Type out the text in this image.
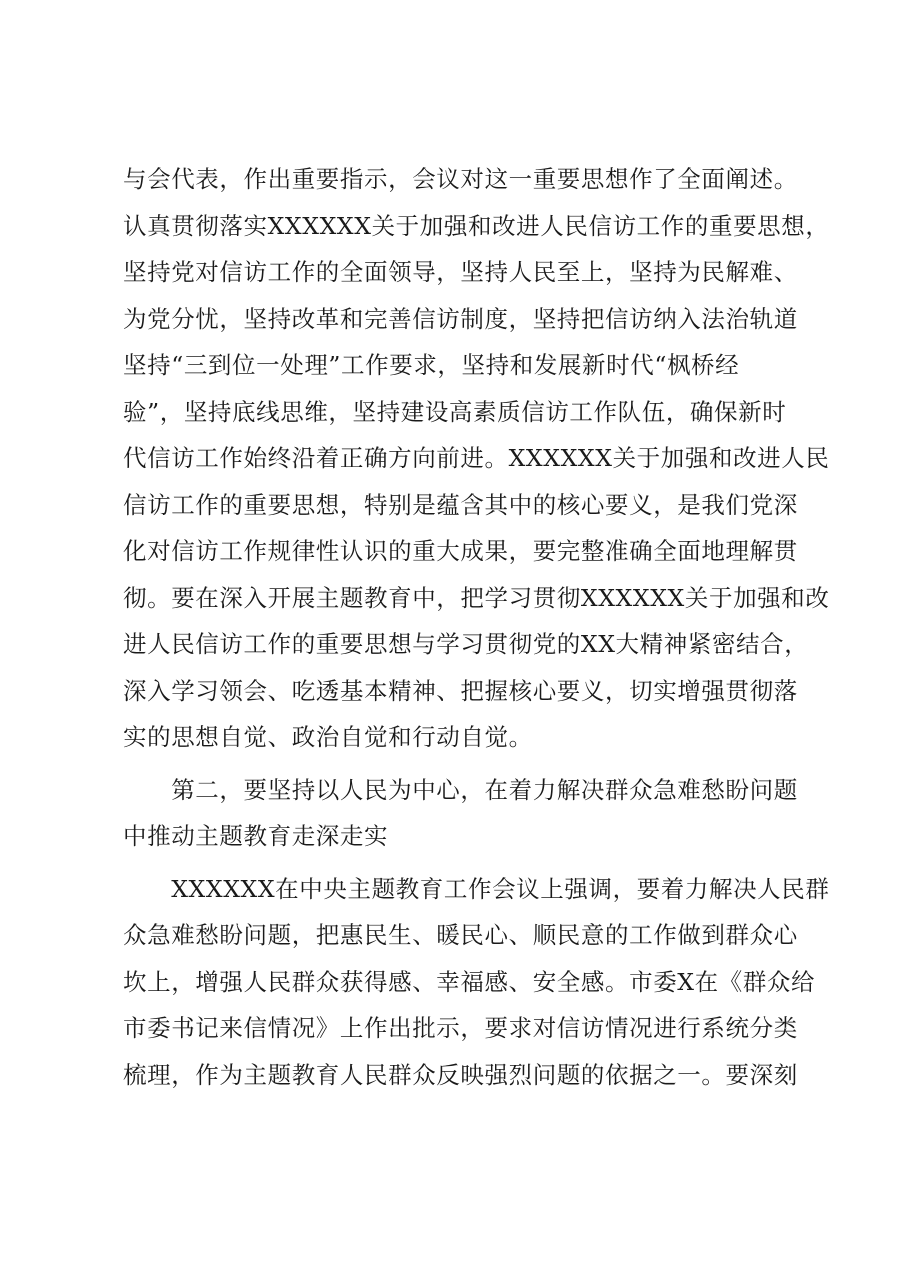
与会代表，作出重要指示，会议对这一重要思想作了全面阐述。
认真贯彻落实XXXXXX关于加强和改进人民信访工作的重要思想，
坚持党对信访工作的全面领导，坚持人民至上，坚持为民解难、
为党分忧，坚持改革和完善信访制度，坚持把信访纳入法治轨道
坚持“三到位一处理”工作要求，坚持和发展新时代“枫桥经
验”，坚持底线思维，坚持建设高素质信访工作队伍，确保新时
代信访工作始终沿着正确方向前进。XXXXXX关于加强和改进人民
信访工作的重要思想，特别是蕴含其中的核心要义，是我们党深
化对信访工作规律性认识的重大成果，要完整准确全面地理解贯
彻。要在深入开展主题教育中，把学习贯彻XXXXXX关于加强和改
进人民信访工作的重要思想与学习贯彻党的XX大精神紧密结合，
深入学习领会、吃透基本精神、把握核心要义，切实增强贯彻落
实的思想自觉、政治自觉和行动自觉。
　　第二，要坚持以人民为中心，在着力解决群众急难愁盼问题
中推动主题教育走深走实
　　XXXXXX在中央主题教育工作会议上强调，要着力解决人民群
众急难愁盼问题，把惠民生、暖民心、顺民意的工作做到群众心
坎上，增强人民群众获得感、幸福感、安全感。市委X在《群众给
市委书记来信情况》上作出批示，要求对信访情况进行系统分类
梳理，作为主题教育人民群众反映强烈问题的依据之一。要深刻
